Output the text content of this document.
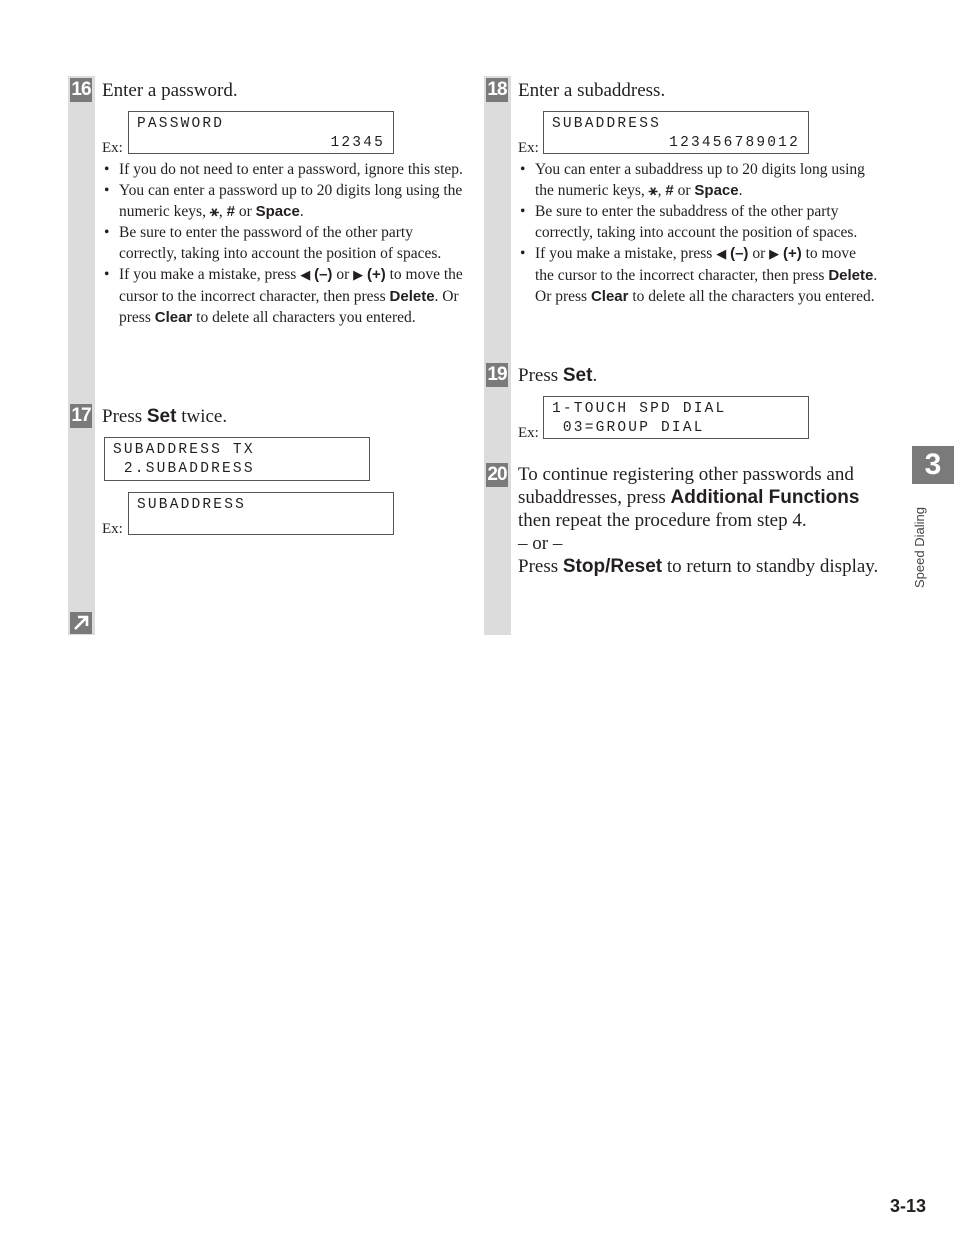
16 Enter a password.
Ex:
PASSWORD
12345
• If you do not need to enter a password, ignore this step.
• You can enter a password up to 20 digits long using the numeric keys, ⚹, # or Space.
• Be sure to enter the password of the other party correctly, taking into account the position of spaces.
• If you make a mistake, press ◀ (–) or ▶ (+) to move the cursor to the incorrect character, then press Delete. Or press Clear to delete all characters you entered.
17 Press Set twice.
SUBADDRESS TX
2.SUBADDRESS
Ex:
SUBADDRESS
18 Enter a subaddress.
Ex:
SUBADDRESS
123456789012
• You can enter a subaddress up to 20 digits long using the numeric keys, ⚹, # or Space.
• Be sure to enter the subaddress of the other party correctly, taking into account the position of spaces.
• If you make a mistake, press ◀ (–) or ▶ (+) to move the cursor to the incorrect character, then press Delete. Or press Clear to delete all the characters you entered.
19 Press Set.
Ex:
1-TOUCH SPD DIAL
03=GROUP DIAL
20 To continue registering other passwords and subaddresses, press Additional Functions then repeat the procedure from step 4.
– or –
Press Stop/Reset to return to standby display.
3
Speed Dialing
3-13
